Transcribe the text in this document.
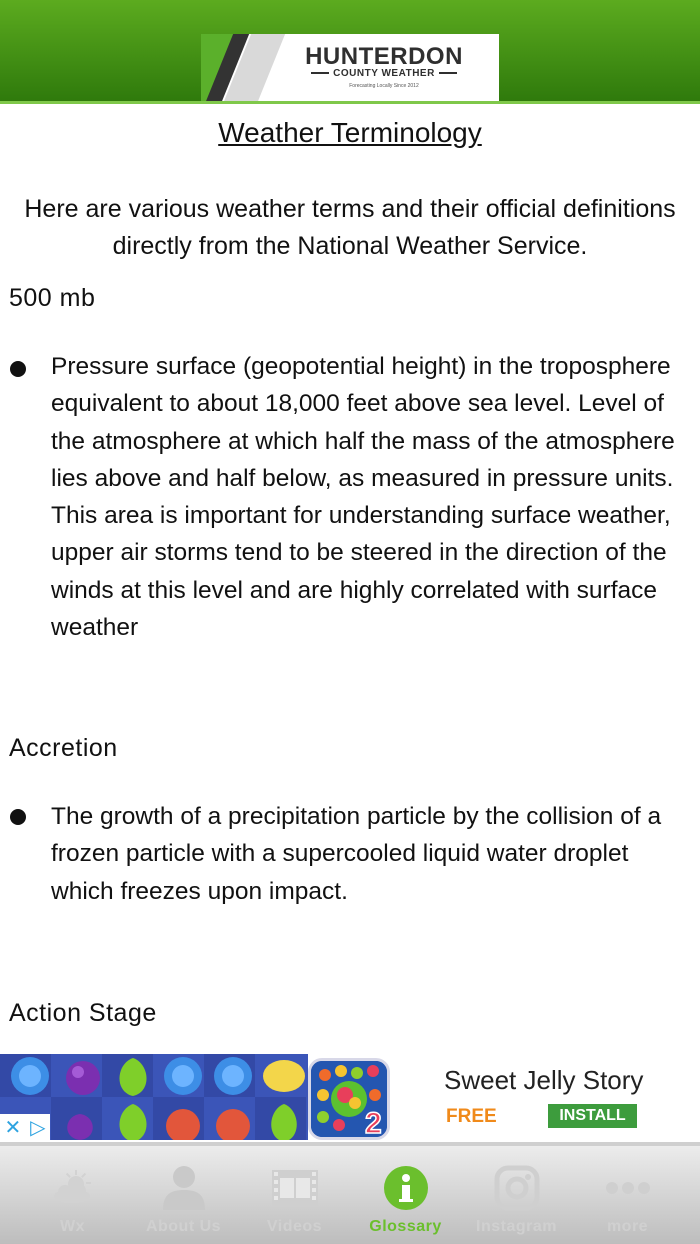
HUNTERDON
COUNTY WEATHER
Forecasting Locally Since 2012
Weather Terminology
Here are various weather terms and their official definitions directly from the National Weather Service.
500 mb
Pressure surface (geopotential height) in the troposphere equivalent to about 18,000 feet above sea level. Level of the atmosphere at which half the mass of the atmosphere lies above and half below, as measured in pressure units. This area is important for understanding surface weather, upper air storms tend to be steered in the direction of the winds at this level and are highly correlated with surface weather
Accretion
The growth of a precipitation particle by the collision of a frozen particle with a supercooled liquid water droplet which freezes upon impact.
Action Stage
✕ ▷	2
Sweet Jelly Story
FREE	INSTALL
Wx	About Us	Videos	Glossary	Instagram	more
